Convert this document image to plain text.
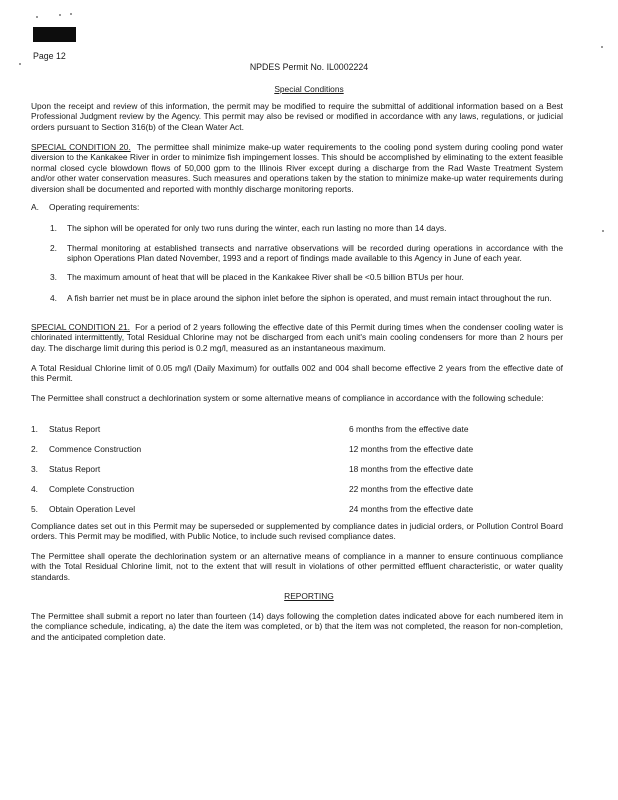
Page 12
NPDES Permit No. IL0002224
Special Conditions
Upon the receipt and review of this information, the permit may be modified to require the submittal of additional information based on a Best Professional Judgment review by the Agency. This permit may also be revised or modified in accordance with any laws, regulations, or judicial orders pursuant to Section 316(b) of the Clean Water Act.
SPECIAL CONDITION 20. The permittee shall minimize make-up water requirements to the cooling pond system during cooling pond water diversion to the Kankakee River in order to minimize fish impingement losses. This should be accomplished by eliminating to the extent feasible normal closed cycle blowdown flows of 50,000 gpm to the Illinois River except during a discharge from the Rad Waste Treatment System and/or other water conservation measures. Such measures and operations taken by the station to minimize make-up water requirements during diversion shall be documented and reported with monthly discharge monitoring reports.
A. Operating requirements:
1. The siphon will be operated for only two runs during the winter, each run lasting no more than 14 days.
2. Thermal monitoring at established transects and narrative observations will be recorded during operations in accordance with the siphon Operations Plan dated November, 1993 and a report of findings made available to this Agency in June of each year.
3. The maximum amount of heat that will be placed in the Kankakee River shall be <0.5 billion BTUs per hour.
4. A fish barrier net must be in place around the siphon inlet before the siphon is operated, and must remain intact throughout the run.
SPECIAL CONDITION 21. For a period of 2 years following the effective date of this Permit during times when the condenser cooling water is chlorinated intermittently, Total Residual Chlorine may not be discharged from each unit's main cooling condensers for more than 2 hours per day. The discharge limit during this period is 0.2 mg/l, measured as an instantaneous maximum.
A Total Residual Chlorine limit of 0.05 mg/l (Daily Maximum) for outfalls 002 and 004 shall become effective 2 years from the effective date of this Permit.
The Permittee shall construct a dechlorination system or some alternative means of compliance in accordance with the following schedule:
1. Status Report	6 months from the effective date
2. Commence Construction	12 months from the effective date
3. Status Report	18 months from the effective date
4. Complete Construction	22 months from the effective date
5. Obtain Operation Level	24 months from the effective date
Compliance dates set out in this Permit may be superseded or supplemented by compliance dates in judicial orders, or Pollution Control Board orders. This Permit may be modified, with Public Notice, to include such revised compliance dates.
The Permittee shall operate the dechlorination system or an alternative means of compliance in a manner to ensure continuous compliance with the Total Residual Chlorine limit, not to the extent that will result in violations of other permitted effluent characteristic, or water quality standards.
REPORTING
The Permittee shall submit a report no later than fourteen (14) days following the completion dates indicated above for each numbered item in the compliance schedule, indicating, a) the date the item was completed, or b) that the item was not completed, the reason for non-completion, and the anticipated completion date.
